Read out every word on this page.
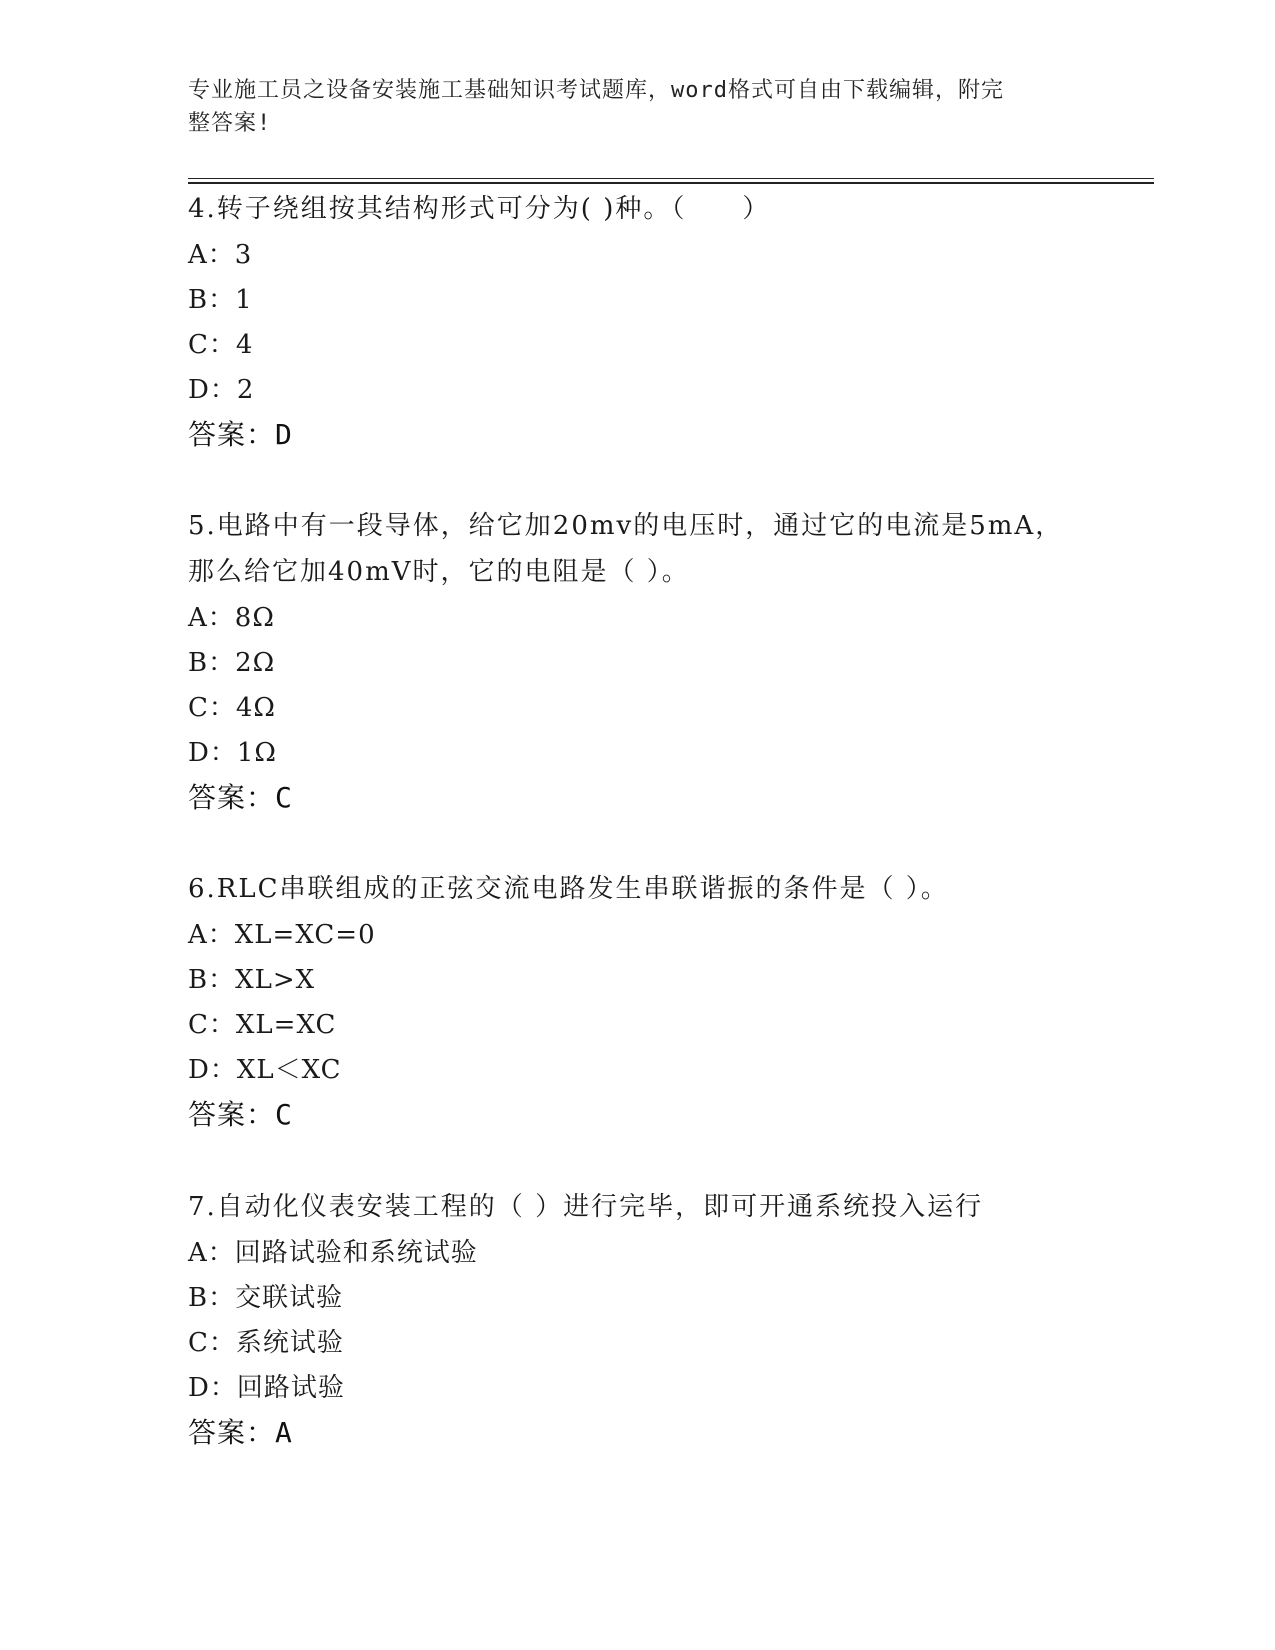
专业施工员之设备安装施工基础知识考试题库，word格式可自由下载编辑，附完
整答案!
4.转子绕组按其结构形式可分为( )种。（　　）
A：3
B：1
C：4
D：2
答案：D
5.电路中有一段导体，给它加20mv的电压时，通过它的电流是5mA，
那么给它加40mV时，它的电阻是（ ）。
A：8Ω
B：2Ω
C：4Ω
D：1Ω
答案：C
6.RLC串联组成的正弦交流电路发生串联谐振的条件是（ ）。
A：XL=XC=0
B：XL>X
C：XL=XC
D：XL＜XC
答案：C
7.自动化仪表安装工程的（ ）进行完毕，即可开通系统投入运行
A：回路试验和系统试验
B：交联试验
C：系统试验
D：回路试验
答案：A
